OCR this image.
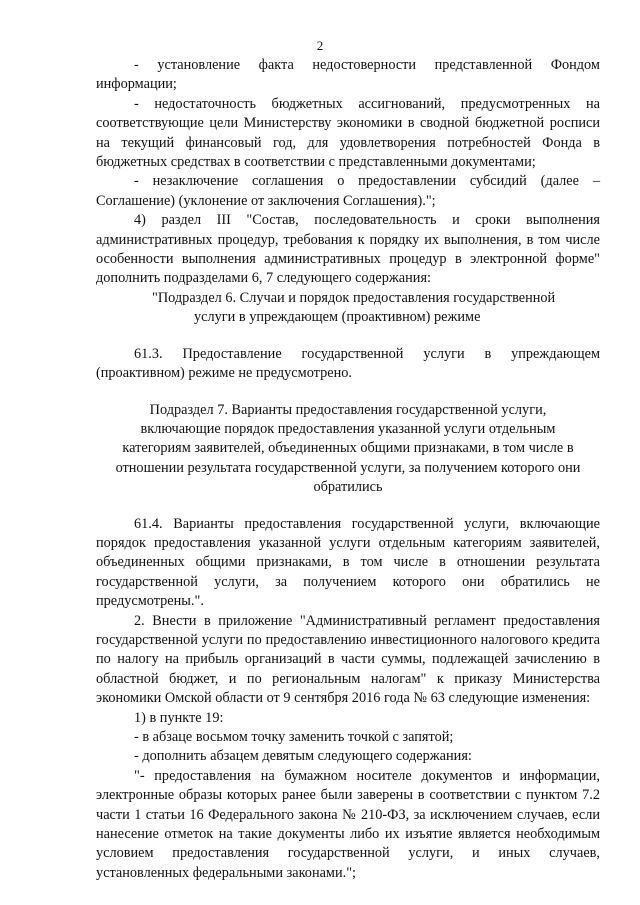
2

- установление факта недостоверности представленной Фондом информации;

- недостаточность бюджетных ассигнований, предусмотренных на соответствующие цели Министерству экономики в сводной бюджетной росписи на текущий финансовый год, для удовлетворения потребностей Фонда в бюджетных средствах в соответствии с представленными документами;

- незаключение соглашения о предоставлении субсидий (далее – Соглашение) (уклонение от заключения Соглашения).";

4) раздел III "Состав, последовательность и сроки выполнения административных процедур, требования к порядку их выполнения, в том числе особенности выполнения административных процедур в электронной форме" дополнить подразделами 6, 7 следующего содержания:

"Подраздел 6. Случаи и порядок предоставления государственной
услуги в упреждающем (проактивном) режиме

61.3. Предоставление государственной услуги в упреждающем (проактивном) режиме не предусмотрено.

Подраздел 7. Варианты предоставления государственной услуги,
включающие порядок предоставления указанной услуги отдельным
категориям заявителей, объединенных общими признаками, в том числе в
отношении результата государственной услуги, за получением которого они
обратились

61.4. Варианты предоставления государственной услуги, включающие порядок предоставления указанной услуги отдельным категориям заявителей, объединенных общими признаками, в том числе в отношении результата государственной услуги, за получением которого они обратились не предусмотрены.".

2. Внести в приложение "Административный регламент предоставления государственной услуги по предоставлению инвестиционного налогового кредита по налогу на прибыль организаций в части суммы, подлежащей зачислению в областной бюджет, и по региональным налогам" к приказу Министерства экономики Омской области от 9 сентября 2016 года № 63 следующие изменения:

1) в пункте 19:

- в абзаце восьмом точку заменить точкой с запятой;

- дополнить абзацем девятым следующего содержания:

"- предоставления на бумажном носителе документов и информации, электронные образы которых ранее были заверены в соответствии с пунктом 7.2 части 1 статьи 16 Федерального закона № 210-ФЗ, за исключением случаев, если нанесение отметок на такие документы либо их изъятие является необходимым условием предоставления государственной услуги, и иных случаев, установленных федеральными законами.";
